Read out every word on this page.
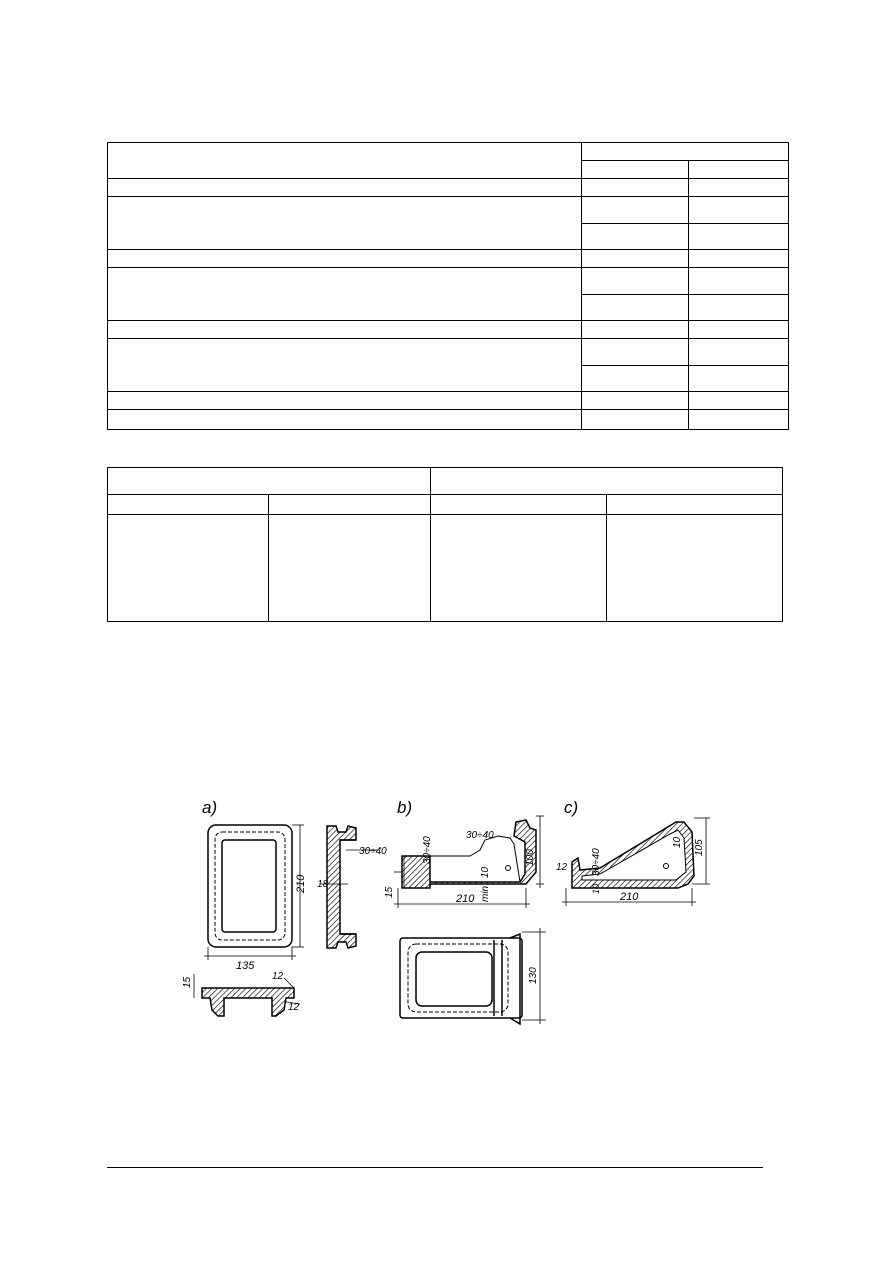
a)
210
135
30÷40
18
15
12
12
b)
30÷40
30÷40
100
10
min
15
210
130
c)
10 105
12 30÷40
10
210
